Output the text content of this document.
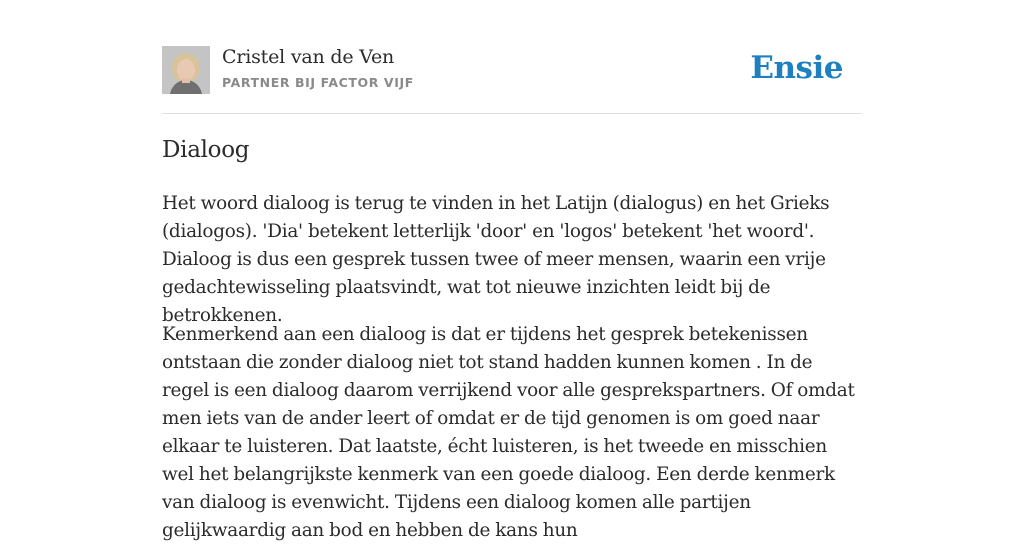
Cristel van de Ven
PARTNER BIJ FACTOR VIJF	Ensie
Dialoog

Het woord dialoog is terug te vinden in het Latijn (dialogus) en het Grieks (dialogos). 'Dia' betekent letterlijk 'door' en 'logos' betekent 'het woord'. Dialoog is dus een gesprek tussen twee of meer mensen, waarin een vrije gedachtewisseling plaatsvindt, wat tot nieuwe inzichten leidt bij de betrokkenen.

Kenmerkend aan een dialoog is dat er tijdens het gesprek betekenissen ontstaan die zonder dialoog niet tot stand hadden kunnen komen . In de regel is een dialoog daarom verrijkend voor alle gesprekspartners. Of omdat men iets van de ander leert of omdat er de tijd genomen is om goed naar elkaar te luisteren. Dat laatste, écht luisteren, is het tweede en misschien wel het belangrijkste kenmerk van een goede dialoog. Een derde kenmerk van dialoog is evenwicht. Tijdens een dialoog komen alle partijen gelijkwaardig aan bod en hebben de kans hun
